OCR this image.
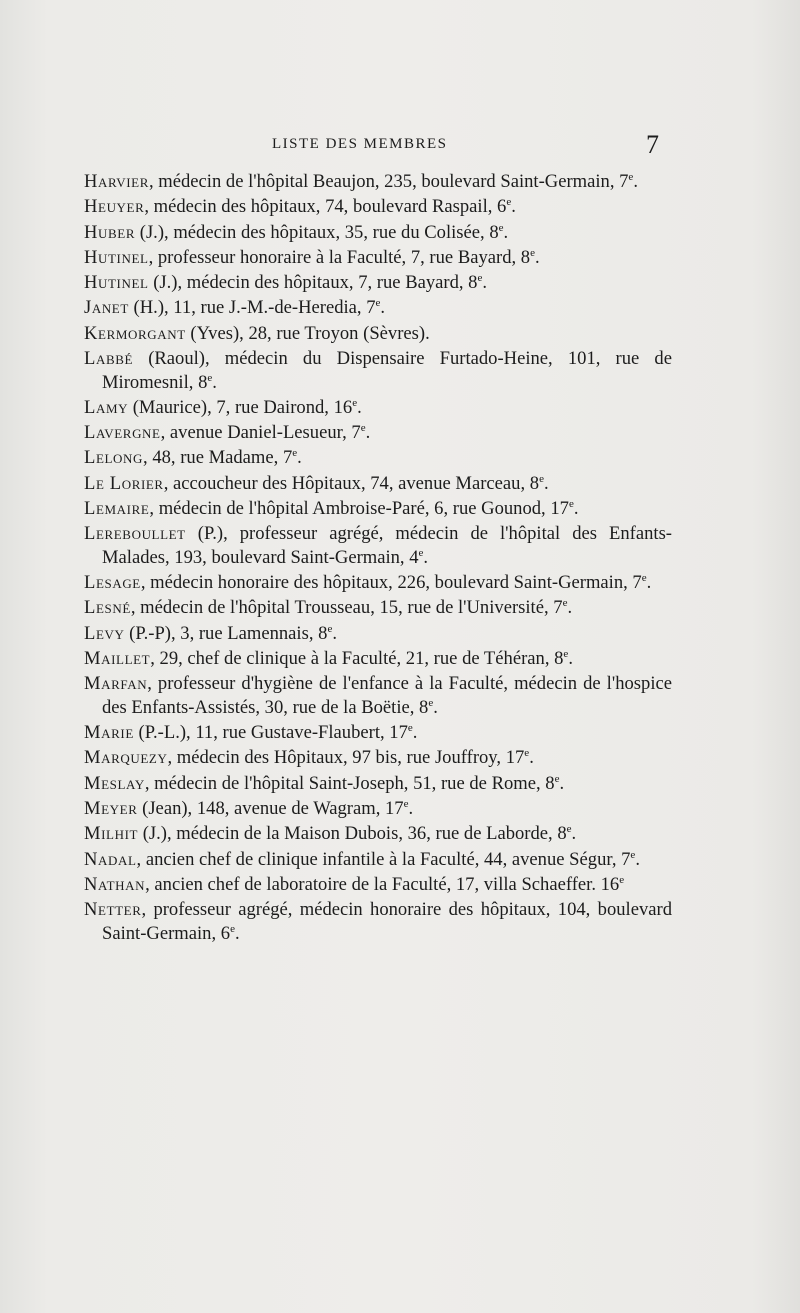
LISTE DES MEMBRES	7
Harvier, médecin de l'hôpital Beaujon, 235, boulevard Saint-Germain, 7e.
Heuyer, médecin des hôpitaux, 74, boulevard Raspail, 6e.
Huber (J.), médecin des hôpitaux, 35, rue du Colisée, 8e.
Hutinel, professeur honoraire à la Faculté, 7, rue Bayard, 8e.
Hutinel (J.), médecin des hôpitaux, 7, rue Bayard, 8e.
Janet (H.), 11, rue J.-M.-de-Heredia, 7e.
Kermorgant (Yves), 28, rue Troyon (Sèvres).
Labbé (Raoul), médecin du Dispensaire Furtado-Heine, 101, rue de Miromesnil, 8e.
Lamy (Maurice), 7, rue Dairond, 16e.
Lavergne, avenue Daniel-Lesueur, 7e.
Lelong, 48, rue Madame, 7e.
Le Lorier, accoucheur des Hôpitaux, 74, avenue Marceau, 8e.
Lemaire, médecin de l'hôpital Ambroise-Paré, 6, rue Gounod, 17e.
Lereboullet (P.), professeur agrégé, médecin de l'hôpital des Enfants-Malades, 193, boulevard Saint-Germain, 4e.
Lesage, médecin honoraire des hôpitaux, 226, boulevard Saint-Germain, 7e.
Lesné, médecin de l'hôpital Trousseau, 15, rue de l'Université, 7e.
Levy (P.-P), 3, rue Lamennais, 8e.
Maillet, 29, chef de clinique à la Faculté, 21, rue de Téhéran, 8e.
Marfan, professeur d'hygiène de l'enfance à la Faculté, médecin de l'hospice des Enfants-Assistés, 30, rue de la Boëtie, 8e.
Marie (P.-L.), 11, rue Gustave-Flaubert, 17e.
Marquezy, médecin des Hôpitaux, 97 bis, rue Jouffroy, 17e.
Meslay, médecin de l'hôpital Saint-Joseph, 51, rue de Rome, 8e.
Meyer (Jean), 148, avenue de Wagram, 17e.
Milhit (J.), médecin de la Maison Dubois, 36, rue de Laborde, 8e.
Nadal, ancien chef de clinique infantile à la Faculté, 44, avenue Ségur, 7e.
Nathan, ancien chef de laboratoire de la Faculté, 17, villa Schaeffer. 16e
Netter, professeur agrégé, médecin honoraire des hôpitaux, 104, boulevard Saint-Germain, 6e.
